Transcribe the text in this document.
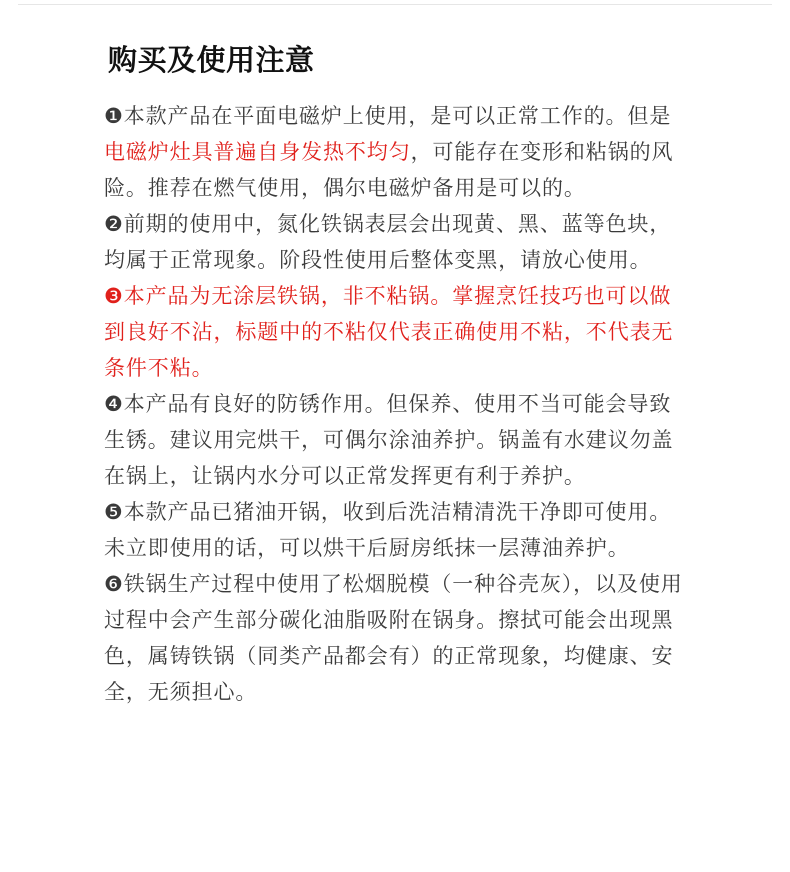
购买及使用注意

❶本款产品在平面电磁炉上使用，是可以正常工作的。但是电磁炉灶具普遍自身发热不均匀，可能存在变形和粘锅的风险。推荐在燃气使用，偶尔电磁炉备用是可以的。

❷前期的使用中，氮化铁锅表层会出现黄、黑、蓝等色块，均属于正常现象。阶段性使用后整体变黑，请放心使用。

❸本产品为无涂层铁锅，非不粘锅。掌握烹饪技巧也可以做到良好不沾，标题中的不粘仅代表正确使用不粘，不代表无条件不粘。

❹本产品有良好的防锈作用。但保养、使用不当可能会导致生锈。建议用完烘干，可偶尔涂油养护。锅盖有水建议勿盖在锅上，让锅内水分可以正常发挥更有利于养护。

❺本款产品已猪油开锅，收到后洗洁精清洗干净即可使用。未立即使用的话，可以烘干后厨房纸抹一层薄油养护。

❻铁锅生产过程中使用了松烟脱模（一种谷壳灰），以及使用过程中会产生部分碳化油脂吸附在锅身。擦拭可能会出现黑色，属铸铁锅（同类产品都会有）的正常现象，均健康、安全，无须担心。
